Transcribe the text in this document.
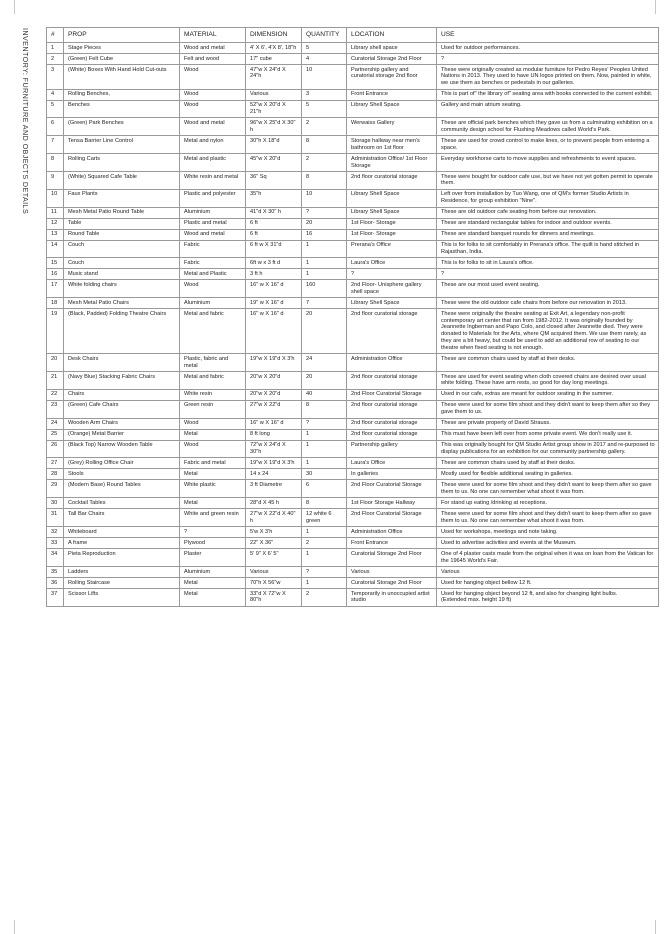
INVENTORY: FURNITURE AND OBJECTS DETAILS	#	PROP	MATERIAL	DIMENSION	QUANTITY	LOCATION	USE
1	Stage Pieces	Wood and metal	4' X 6', 4'X 8', 18"h	5	Library shell space	Used for outdoor performances.
2	(Green) Felt Cube	Felt and wood	17" cube	4	Curatorial Storage 2nd Floor	?
3	(White) Boxes With Hand Hold Cut-outs	Wood	47"w X 24"d X 24"h	10	Partnership gallery and curatorial storage 2nd floor	These were originally created as modular furniture for Pedro Reyes' Peoples United Nations in 2013. They used to have UN logos printed on them. Now, painted in white, we use them as benches or pedestals in our galleries.
4	Rolling Benches,	Wood	Various	3	Front Entrance	This is part of" the library of" seating area with books connected to the current exhibit.
5	Benches	Wood	52"w X 20"d X 21"h	5	Library Shell Space	Gallery and main atrium seating.
6	(Green) Park Benches	Wood and metal	96"w X 25"d X 30" h	2	Werwaiss Gallery	These are official park benches which they gave us from a culminating exhibition on a community design school for Flushing Meadows called World's Park.
7	Tensa Barrier Line Control	Metal and nylon	30"h X 18"d	8	Storage hallway near men's bathroom on 1st floor	These are used for crowd control to make lines, or to prevent people from entering a space.
8	Rolling Carts	Metal and plastic	45"w X 20"d	2	Administration Office/ 1st Floor Storage	Everyday workhorse carts to move supplies and refreshments to event spaces.
9	(White) Squared Cafe Table	White resin and metal	36" Sq	8	2nd floor curatorial storage	These were bought for outdoor cafe use, but we have not yet gotten permit to operate them.
10	Faux Plants	Plastic and polyester	35"h	10	Library Shell Space	Left over from installation by Tuo Wang, one of QM's former Studio Artists in Residence, for group exhibition "Nine".
11	Mesh Metal Patio Round Table	Aluminium	41"d X 30" h	?	Library Shell Space	These are old outdoor cafe seating from before our renovation.
12	Table	Plastic and metal	6 ft	20	1st Floor- Storage	These are standard rectangular tables for indoor and outdoor events.
13	Round Table	Wood and metal	6 ft	16	1st Floor- Storage	These are standard banquet rounds for dinners and meetings.
14	Couch	Fabric	6 ft w X 31"d	1	Prerana's Office	This is for folks to sit comfortably in Prerana's office. The quilt is hand stitched in Rajasthan, India.
15	Couch	Fabric	6ft w x 3 ft d	1	Laura's Office	This is for folks to sit in Laura's office.
16	Music stand	Metal and Plastic	3 ft h	1	?	?
17	White folding chairs	Wood	16" w X 16" d	160	2nd Floor- Unisphere gallery shell space	These are our most used event seating.
18	Mesh Metal Patio Chairs	Aluminium	19" w X 16" d	7	Library Shell Space	These were the old outdoor cafe chairs from before our renovation in 2013.
19	(Black, Padded) Folding Theatre Chairs	Metal and fabric	16" w X 16" d	20	2nd floor curatorial storage	These were originally the theatre seating at Exit Art, a legendary non-profit contemporary art center that ran from 1982-2012. It was originally founded by Jeannette Ingberman and Papo Colo, and closed after Jeannette died. They were donated to Materials for the Arts, where QM acquired them. We use them rarely, as they are a bit heavy, but could be used to add an additional row of seating to our theatre when fixed seating is not enough.
20	Desk Chairs	Plastic, fabric and metal	19"w X 19"d X 3'h	24	Administration Office	These are common chairs used by staff at their desks.
21	(Navy Blue) Stacking Fabric Chairs	Metal and fabric	20"w X 20"d	20	2nd floor curatorial storage	These are used for event seating when cloth covered chairs are desired over usual white folding. These have arm rests, so good for day long meetings.
22	Chairs	White resin	20"w X 20"d	40	2nd Floor Curatorial Storage	Used in our cafe, extras are meant for outdoor seating in the summer.
23	(Green) Cafe Chairs	Green resin	27"w X 22"d	8	2nd floor curatorial storage	These were used for some film shoot and they didn't want to keep them after so they gave them to us.
24	Wooden Arm Chairs	Wood	16" w X 16" d	?	2nd floor curatorial storage	These are private property of David Strauss.
25	(Orange) Metal Barrier	Metal	8 ft long	1	2nd floor curatorial storage	This must have been left over from some private event. We don't really use it.
26	(Black Top) Narrow Wooden Table	Wood	72"w X 24"d X 30"h	1	Partnership gallery	This was originally bought for QM Studio Artist group show in 2017 and re-purposed to display publications for an exhibition for our community partnership gallery.
27	(Grey) Rolling Office Chair	Fabric and metal	19"w X 19"d X 3'h	1	Laura's Office	These are common chairs used by staff at their desks.
28	Stools	Metal	14 x 24	30	In galleries	Mostly used for flexible additional seating in galleries.
29	(Modern Base) Round Tables	White plastic	3 ft Diametre	6	2nd Floor Curatorial Storage	These were used for some film shoot and they didn't want to keep them after so gave them to us. No one can remember what shoot it was from.
30	Cocktail Tables	Metal	28"d X 45 h	8	1st Floor Storage Hallway	For stand up eating /drinking at receptions.
31	Tall Bar Chairs	White and green resin	27"w X 22"d X 40" h	12 white 6 green	2nd Floor Curatorial Storage	These were used for some film shoot and they didn't want to keep them after so gave them to us. No one can remember what shoot it was from.
32	Whiteboard	?	5'w X 3'h	1	Administration Office	Used for workshops, meetings and note taking.
33	A frame	Plywood	22" X 36"	2	Front Entrance	Used to advertise activities and events at the Museum.
34	Pieta Reproduction	Plaster	5' 9" X 6' 5"	1	Curatorial Storage 2nd Floor	One of 4 plaster casts made from the original when it was on loan from the Vatican for the 19645 World's Fair.
35	Ladders	Aluminium	Various	?	Various	Various
36	Rolling Staircase	Metal	70"h X 56"w	1	Curatorial Storage 2nd Floor	Used for hanging object bellow 12 ft.
37	Scissor Lifts	Metal	33"d X 72"w X 80"h	2	Temporarily in unoccupied artist studio	Used for hanging object beyond 12 ft, and also for changing light bulbs.
(Extended max. height 19 ft)
